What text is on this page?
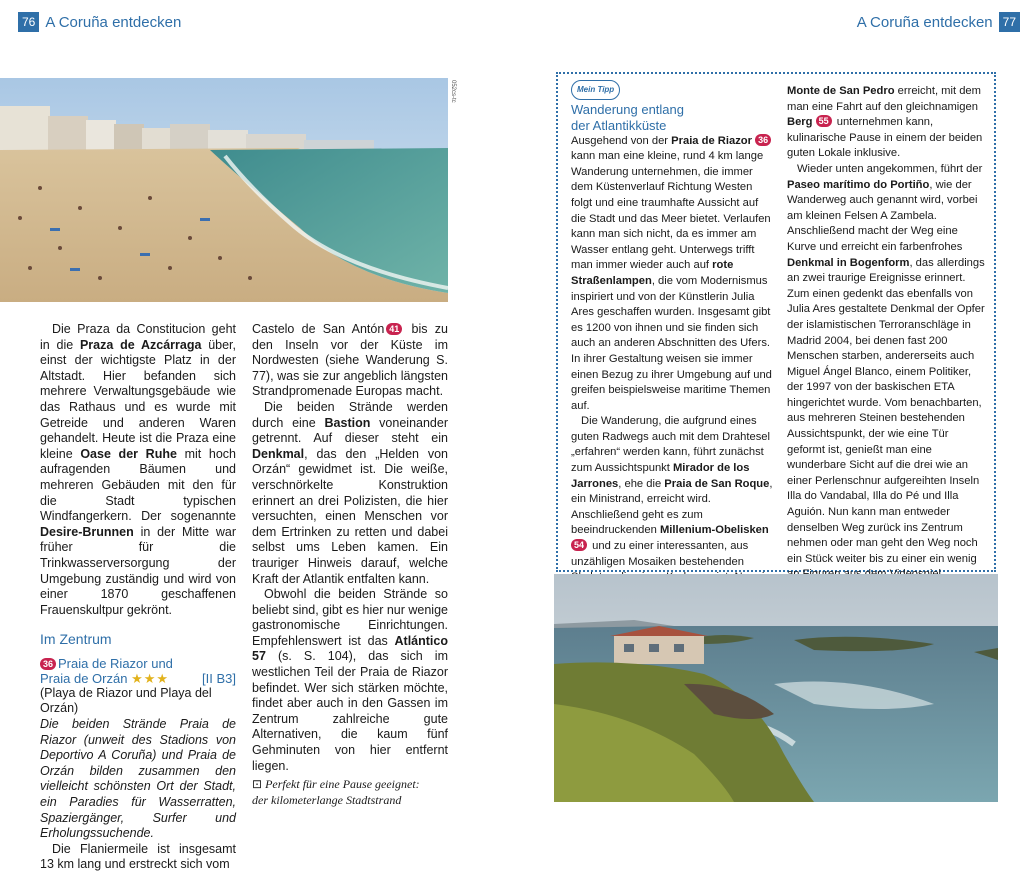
76 A Coruña entdecken	A Coruña entdecken 77
052cs-tc

Die Praza da Constitucion geht in die Praza de Azcárraga über, einst der wichtigste Platz in der Altstadt. Hier befanden sich mehrere Verwaltungsgebäude wie das Rathaus und es wurde mit Getreide und anderen Waren gehandelt. Heute ist die Praza eine kleine Oase der Ruhe mit hoch aufragenden Bäumen und mehreren Gebäuden mit den für die Stadt typischen Windfangerkern. Der sogenannte Desire-Brunnen in der Mitte war früher für die Trinkwasserversorgung der Umgebung zuständig und wird von einer 1870 geschaffenen Frauenskultpur gekrönt.

Im Zentrum
36 Praia de Riazor und
Praia de Orzán ★★★	[II B3]

(Playa de Riazor und Playa del Orzán)

Die beiden Strände Praia de Riazor (unweit des Stadions von Deportivo A Coruña) und Praia de Orzán bilden zusammen den vielleicht schönsten Ort der Stadt, ein Paradies für Wasserratten, Spaziergänger, Surfer und Erholungssuchende.

Die Flaniermeile ist insgesamt 13 km lang und erstreckt sich vom

Castelo de San Antón 41 bis zu den Inseln vor der Küste im Nordwesten (siehe Wanderung S. 77), was sie zur angeblich längsten Strandpromenade Europas macht.

Die beiden Strände werden durch eine Bastion voneinander getrennt. Auf dieser steht ein Denkmal, das den „Helden von Orzán“ gewidmet ist. Die weiße, verschnörkelte Konstruktion erinnert an drei Polizisten, die hier versuchten, einen Menschen vor dem Ertrinken zu retten und dabei selbst ums Leben kamen. Ein trauriger Hinweis darauf, welche Kraft der Atlantik entfalten kann.

Obwohl die beiden Strände so beliebt sind, gibt es hier nur wenige gastronomische Einrichtungen. Empfehlenswert ist das Atlántico 57 (s. S. 104), das sich im westlichen Teil der Praia de Riazor befindet. Wer sich stärken möchte, findet aber auch in den Gassen im Zentrum zahlreiche gute Alternativen, die kaum fünf Gehminuten von hier entfernt liegen.

⊡ Perfekt für eine Pause geeignet:
der kilometerlange Stadtstrand
Mein Tipp
Wanderung entlang
der Atlantikküste

Ausgehend von der Praia de Riazor 36 kann man eine kleine, rund 4 km lange Wanderung unternehmen, die immer dem Küstenverlauf Richtung Westen folgt und eine traumhafte Aussicht auf die Stadt und das Meer bietet. Verlaufen kann man sich nicht, da es immer am Wasser entlang geht. Unterwegs trifft man immer wieder auch auf rote Straßenlampen, die vom Modernismus inspiriert und von der Künstlerin Julia Ares geschaffen wurden. Insgesamt gibt es 1200 von ihnen und sie finden sich auch an anderen Abschnitten des Ufers. In ihrer Gestaltung weisen sie immer einen Bezug zu ihrer Umgebung auf und greifen beispielsweise maritime Themen auf.

Die Wanderung, die aufgrund eines guten Radwegs auch mit dem Drahtesel „erfahren“ werden kann, führt zunächst zum Aussichtspunkt Mirador de los Jarrones, ehe die Praia de San Roque, ein Ministrand, erreicht wird. Anschließend geht es zum beeindruckenden Millenium-Obelisken 54 und zu einer interessanten, aus unzähligen Mosaiken bestehenden

Monte de San Pedro erreicht, mit dem man eine Fahrt auf den gleichnamigen Berg 55 unternehmen kann, kulinarische Pause in einem der beiden guten Lokale inklusive.

Wieder unten angekommen, führt der Paseo marítimo do Portiño, wie der Wanderweg auch genannt wird, vorbei am kleinen Felsen A Zambela. Anschließend macht der Weg eine Kurve und erreicht ein farbenfrohes Denkmal in Bogenform, das allerdings an zwei traurige Ereignisse erinnert. Zum einen gedenkt das ebenfalls von Julia Ares gestaltete Denkmal der Opfer der islamistischen Terroranschläge in Madrid 2004, bei denen fast 200 Menschen starben, andererseits auch Miguel Ángel Blanco, einem Politiker, der 1997 von der baskischen ETA hingerichtet wurde. Vom benachbarten, aus mehreren Steinen bestehenden Aussichtspunkt, der wie eine Tür geformt ist, genießt man eine wunderbare Sicht auf die drei wie an einer Perlenschnur aufgereihten Inseln Illa do Vandabal, Illa do Pé und Illa Aguión. Nun kann man entweder denselben Weg zurück ins Zentrum nehmen oder man geht den Weg noch ein Stück weiter bis zu einer ein wenig
